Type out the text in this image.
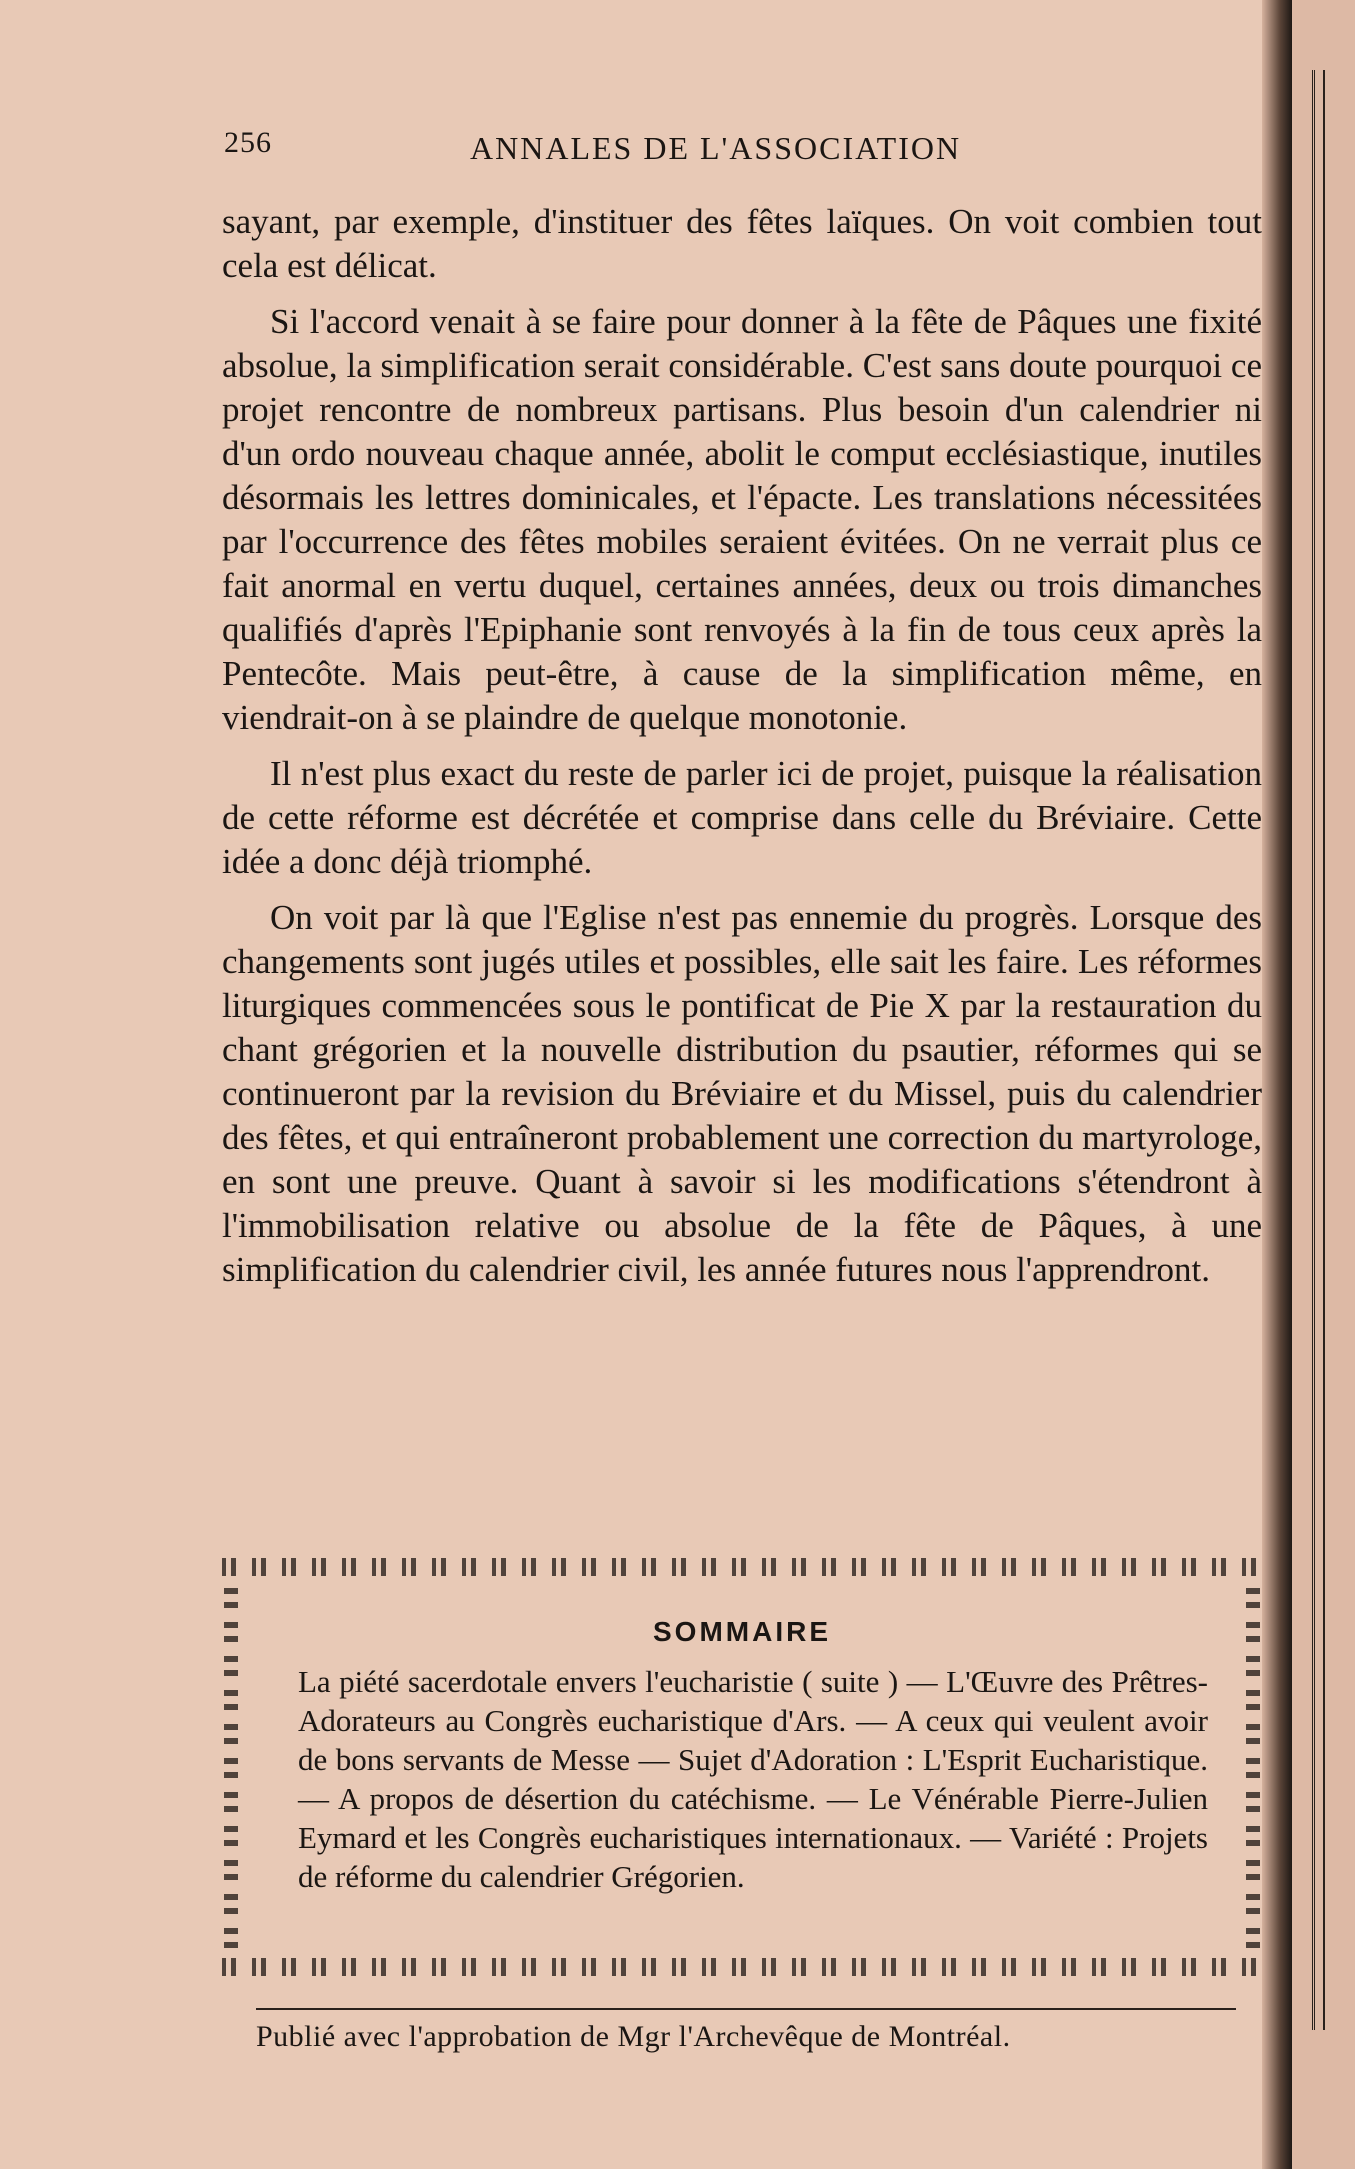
256	ANNALES DE L'ASSOCIATION

sayant, par exemple, d'instituer des fêtes laïques. On voit combien tout cela est délicat.

Si l'accord venait à se faire pour donner à la fête de Pâques une fixité absolue, la simplification serait considérable. C'est sans doute pourquoi ce projet rencontre de nombreux partisans. Plus besoin d'un calendrier ni d'un ordo nouveau chaque année, abolit le comput ecclésiastique, inutiles désormais les lettres dominicales, et l'épacte. Les translations nécessitées par l'occurrence des fêtes mobiles seraient évitées. On ne verrait plus ce fait anormal en vertu duquel, certaines années, deux ou trois dimanches qualifiés d'après l'Epiphanie sont renvoyés à la fin de tous ceux après la Pentecôte. Mais peut-être, à cause de la simplification même, en viendrait-on à se plaindre de quelque monotonie.

Il n'est plus exact du reste de parler ici de projet, puisque la réalisation de cette réforme est décrétée et comprise dans celle du Bréviaire. Cette idée a donc déjà triomphé.

On voit par là que l'Eglise n'est pas ennemie du progrès. Lorsque des changements sont jugés utiles et possibles, elle sait les faire. Les réformes liturgiques commencées sous le pontificat de Pie X par la restauration du chant grégorien et la nouvelle distribution du psautier, réformes qui se continueront par la revision du Bréviaire et du Missel, puis du calendrier des fêtes, et qui entraîneront probablement une correction du martyrologe, en sont une preuve. Quant à savoir si les modifications s'étendront à l'immobilisation relative ou absolue de la fête de Pâques, à une simplification du calendrier civil, les année futures nous l'apprendront.

SOMMAIRE
La piété sacerdotale envers l'eucharistie ( suite ) — L'Œuvre des Prêtres-Adorateurs au Congrès eucharistique d'Ars. — A ceux qui veulent avoir de bons servants de Messe — Sujet d'Adoration : L'Esprit Eucharistique. — A propos de désertion du catéchisme. — Le Vénérable Pierre-Julien Eymard et les Congrès eucharistiques internationaux. — Variété : Projets de réforme du calendrier Grégorien.
Publié avec l'approbation de Mgr l'Archevêque de Montréal.
